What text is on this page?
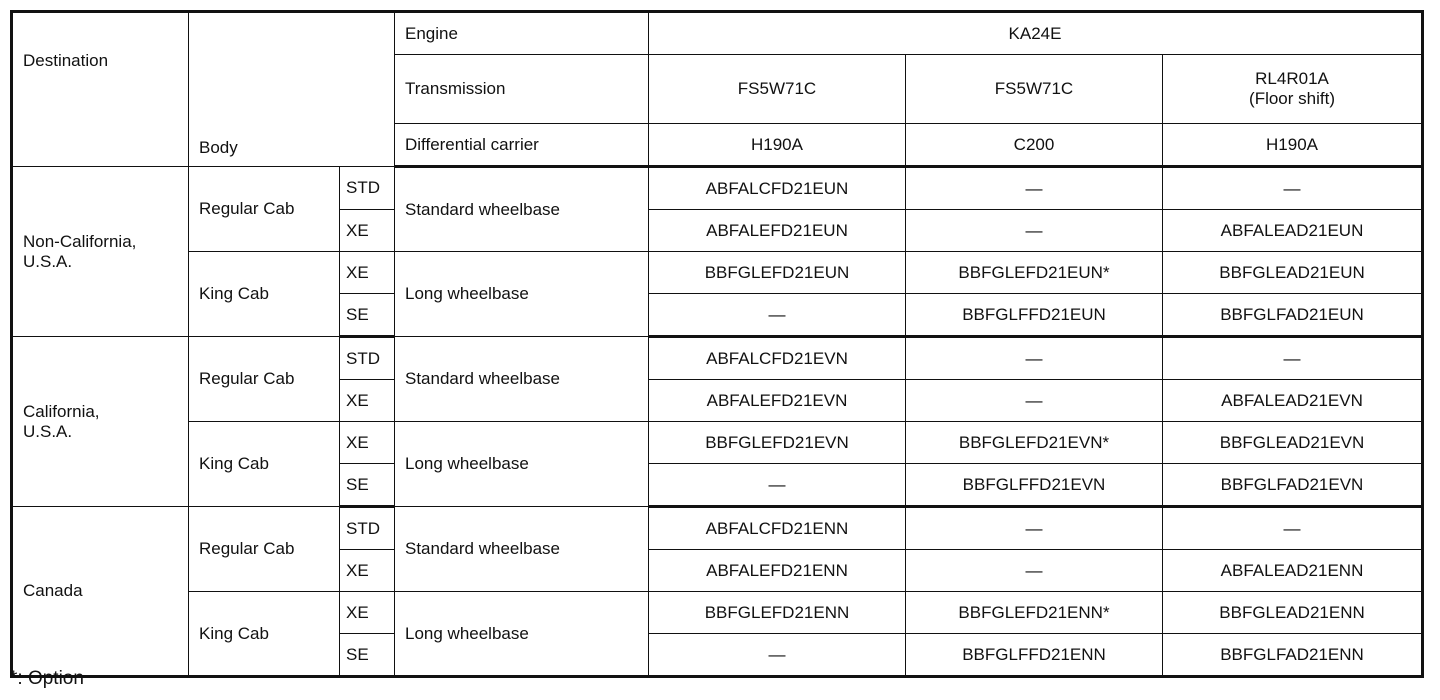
Destination	Body		Engine	KA24E		
			Transmission	FS5W71C	FS5W71C	RL4R01A
(Floor shift)

			Differential carrier	H190A	C200	H190A

Non-California,
U.S.A.	Regular Cab	STD	Standard wheelbase	ABFALCFD21EUN	—	—
		XE		ABFALEFD21EUN	—	ABFALEAD21EUN
	King Cab	XE	Long wheelbase	BBFGLEFD21EUN	BBFGLEFD21EUN*	BBFGLEAD21EUN
		SE		—	BBFGLFFD21EUN	BBFGLFAD21EUN

California,
U.S.A.	Regular Cab	STD	Standard wheelbase	ABFALCFD21EVN	—	—
		XE		ABFALEFD21EVN	—	ABFALEAD21EVN
	King Cab	XE	Long wheelbase	BBFGLEFD21EVN	BBFGLEFD21EVN*	BBFGLEAD21EVN
		SE		—	BBFGLFFD21EVN	BBFGLFAD21EVN

Canada	Regular Cab	STD	Standard wheelbase	ABFALCFD21ENN	—	—
		XE		ABFALEFD21ENN	—	ABFALEAD21ENN
	King Cab	XE	Long wheelbase	BBFGLEFD21ENN	BBFGLEFD21ENN*	BBFGLEAD21ENN
		SE		—	BBFGLFFD21ENN	BBFGLFAD21ENN
*: Option
